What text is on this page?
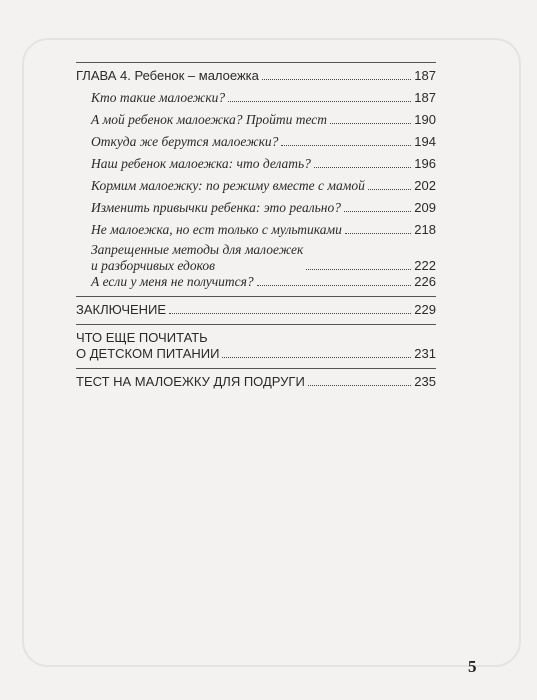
ГЛАВА 4. Ребенок – малоежка	187
Кто такие малоежки?	187
А мой ребенок малоежка? Пройти тест	190
Откуда же берутся малоежки?	194
Наш ребенок малоежка: что делать?	196
Кормим малоежку: по режиму вместе с мамой	202
Изменить привычки ребенка: это реально?	209
Не малоежка, но ест только с мультиками	218
Запрещенные методы для малоежек
и разборчивых едоков	222
А если у меня не получится?	226
ЗАКЛЮЧЕНИЕ	229
ЧТО ЕЩЕ ПОЧИТАТЬ
О ДЕТСКОМ ПИТАНИИ	231
ТЕСТ НА МАЛОЕЖКУ ДЛЯ ПОДРУГИ	235
5
